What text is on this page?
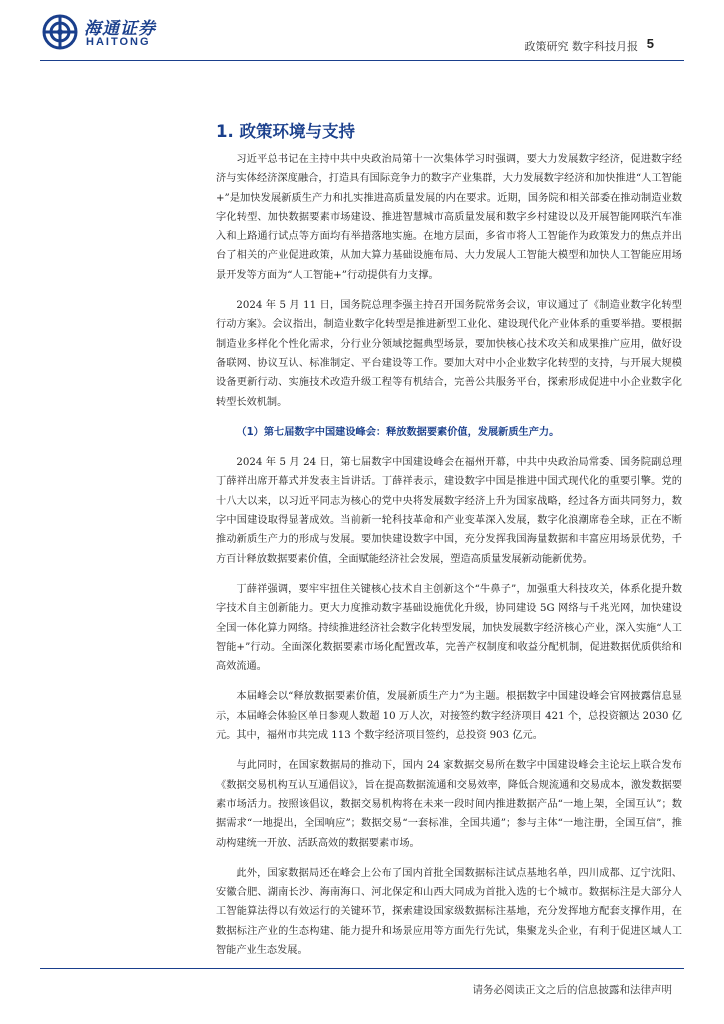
海通证券
HAITONG	政策研究 数字科技月报 5
1. 政策环境与支持

习近平总书记在主持中共中央政治局第十一次集体学习时强调，要大力发展数字经济，促进数字经济与实体经济深度融合，打造具有国际竞争力的数字产业集群，大力发展数字经济和加快推进“人工智能+”是加快发展新质生产力和扎实推进高质量发展的内在要求。近期，国务院和相关部委在推动制造业数字化转型、加快数据要素市场建设、推进智慧城市高质量发展和数字乡村建设以及开展智能网联汽车准入和上路通行试点等方面均有举措落地实施。在地方层面，多省市将人工智能作为政策发力的焦点并出台了相关的产业促进政策，从加大算力基础设施布局、大力发展人工智能大模型和加快人工智能应用场景开发等方面为“人工智能+”行动提供有力支撑。

2024 年 5 月 11 日，国务院总理李强主持召开国务院常务会议，审议通过了《制造业数字化转型行动方案》。会议指出，制造业数字化转型是推进新型工业化、建设现代化产业体系的重要举措。要根据制造业多样化个性化需求，分行业分领域挖掘典型场景，要加快核心技术攻关和成果推广应用，做好设备联网、协议互认、标准制定、平台建设等工作。要加大对中小企业数字化转型的支持，与开展大规模设备更新行动、实施技术改造升级工程等有机结合，完善公共服务平台，探索形成促进中小企业数字化转型长效机制。

（1）第七届数字中国建设峰会：释放数据要素价值，发展新质生产力。

2024 年 5 月 24 日，第七届数字中国建设峰会在福州开幕，中共中央政治局常委、国务院副总理丁薛祥出席开幕式并发表主旨讲话。丁薛祥表示，建设数字中国是推进中国式现代化的重要引擎。党的十八大以来，以习近平同志为核心的党中央将发展数字经济上升为国家战略，经过各方面共同努力，数字中国建设取得显著成效。当前新一轮科技革命和产业变革深入发展，数字化浪潮席卷全球，正在不断推动新质生产力的形成与发展。要加快建设数字中国，充分发挥我国海量数据和丰富应用场景优势，千方百计释放数据要素价值，全面赋能经济社会发展，塑造高质量发展新动能新优势。

丁薛祥强调，要牢牢扭住关键核心技术自主创新这个“牛鼻子”，加强重大科技攻关，体系化提升数字技术自主创新能力。更大力度推动数字基础设施优化升级，协同建设 5G 网络与千兆光网，加快建设全国一体化算力网络。持续推进经济社会数字化转型发展，加快发展数字经济核心产业，深入实施“人工智能+”行动。全面深化数据要素市场化配置改革，完善产权制度和收益分配机制，促进数据优质供给和高效流通。

本届峰会以“释放数据要素价值，发展新质生产力”为主题。根据数字中国建设峰会官网披露信息显示，本届峰会体验区单日参观人数超 10 万人次，对接签约数字经济项目 421 个，总投资额达 2030 亿元。其中，福州市共完成 113 个数字经济项目签约，总投资 903 亿元。

与此同时，在国家数据局的推动下，国内 24 家数据交易所在数字中国建设峰会主论坛上联合发布《数据交易机构互认互通倡议》，旨在提高数据流通和交易效率，降低合规流通和交易成本，激发数据要素市场活力。按照该倡议，数据交易机构将在未来一段时间内推进数据产品“一地上架，全国互认”；数据需求“一地提出，全国响应”；数据交易“一套标准，全国共通”；参与主体“一地注册，全国互信”，推动构建统一开放、活跃高效的数据要素市场。

此外，国家数据局还在峰会上公布了国内首批全国数据标注试点基地名单，四川成都、辽宁沈阳、安徽合肥、湖南长沙、海南海口、河北保定和山西大同成为首批入选的七个城市。数据标注是大部分人工智能算法得以有效运行的关键环节，探索建设国家级数据标注基地，充分发挥地方配套支撑作用，在数据标注产业的生态构建、能力提升和场景应用等方面先行先试，集聚龙头企业，有利于促进区域人工智能产业生态发展。

请务必阅读正文之后的信息披露和法律声明
